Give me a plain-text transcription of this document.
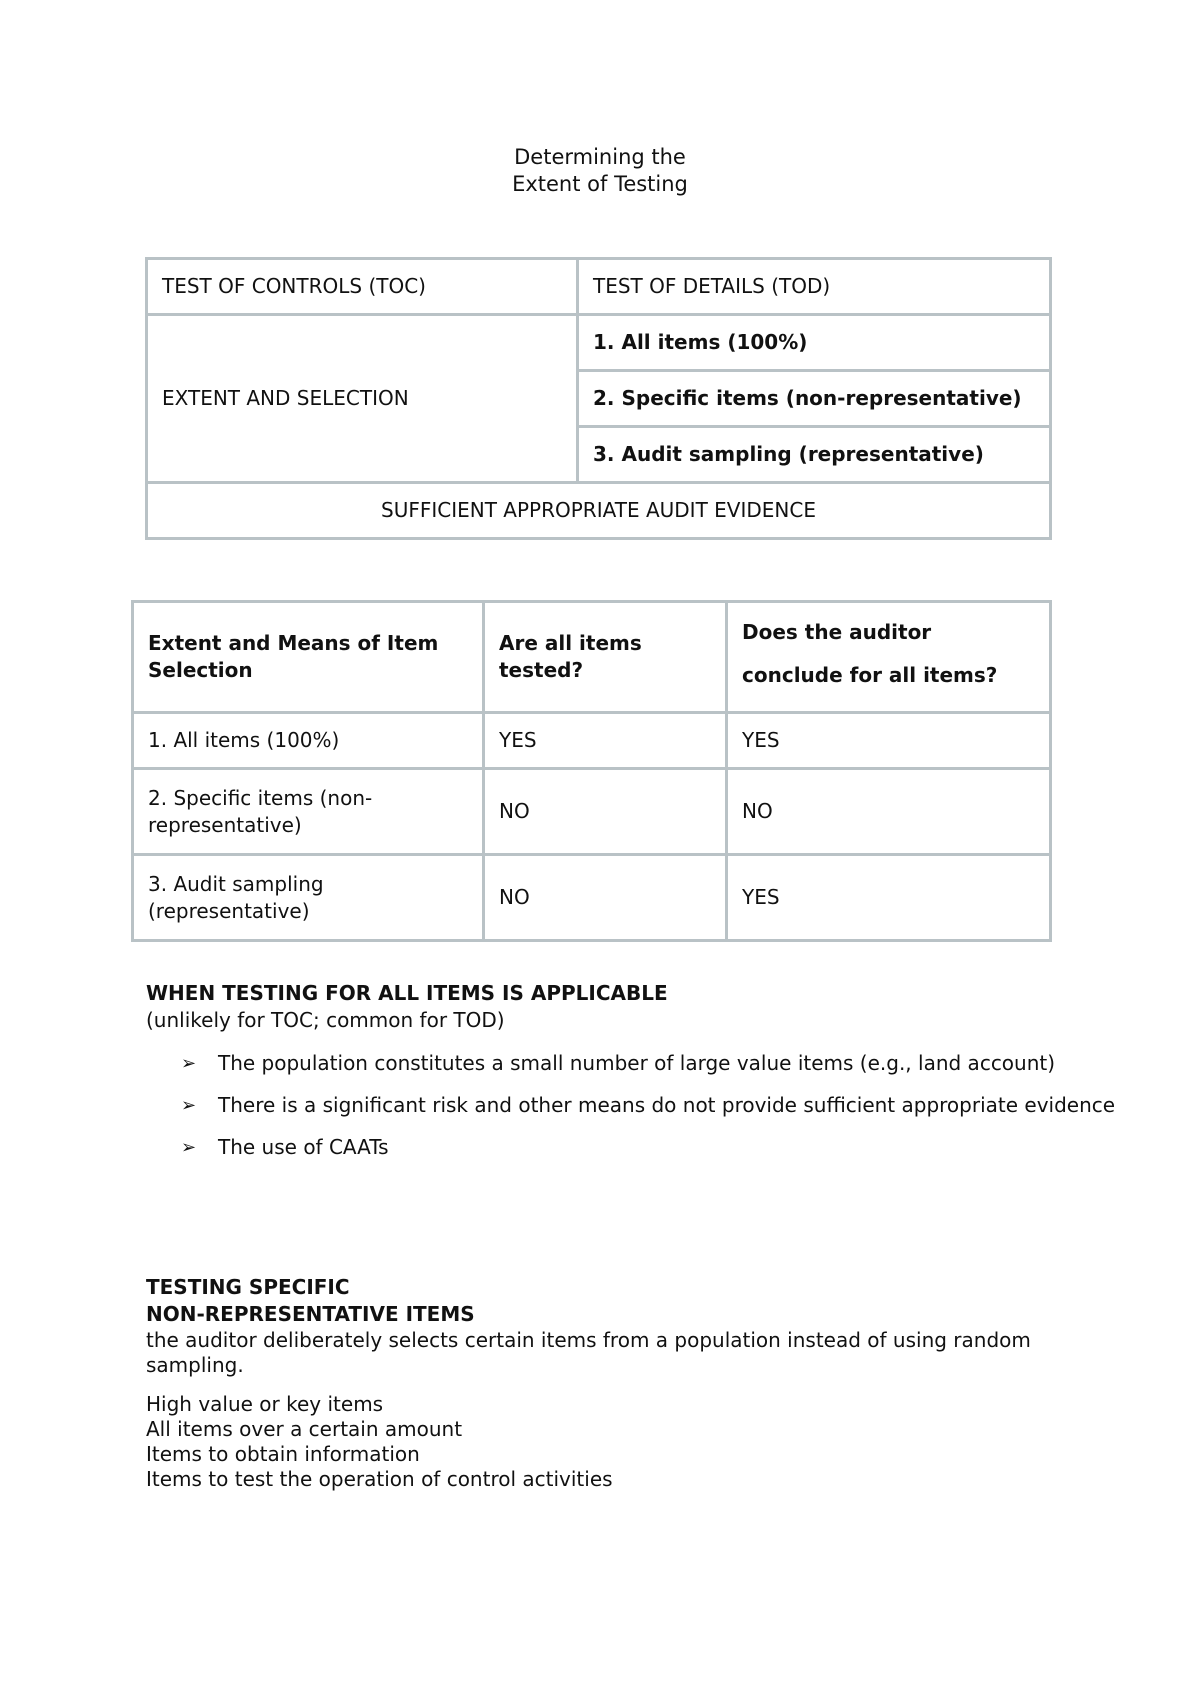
Determining the
Extent of Testing
TEST OF CONTROLS (TOC)	TEST OF DETAILS (TOD)
EXTENT AND SELECTION	1. All items (100%)
	2. Specific items (non-representative)
	3. Audit sampling (representative)
SUFFICIENT APPROPRIATE AUDIT EVIDENCE	
Extent and Means of Item Selection	Are all items tested?	Does the auditor
conclude for all items?

1. All items (100%)	YES	YES
2. Specific items (non-representative)	NO	NO
3. Audit sampling (representative)	NO	YES
WHEN TESTING FOR ALL ITEMS IS APPLICABLE
(unlikely for TOC; common for TOD)
➢ The population constitutes a small number of large value items (e.g., land account)
➢ There is a significant risk and other means do not provide sufficient appropriate evidence
➢ The use of CAATs
TESTING SPECIFIC
NON-REPRESENTATIVE ITEMS
the auditor deliberately selects certain items from a population instead of using random sampling.
High value or key items
All items over a certain amount
Items to obtain information
Items to test the operation of control activities
